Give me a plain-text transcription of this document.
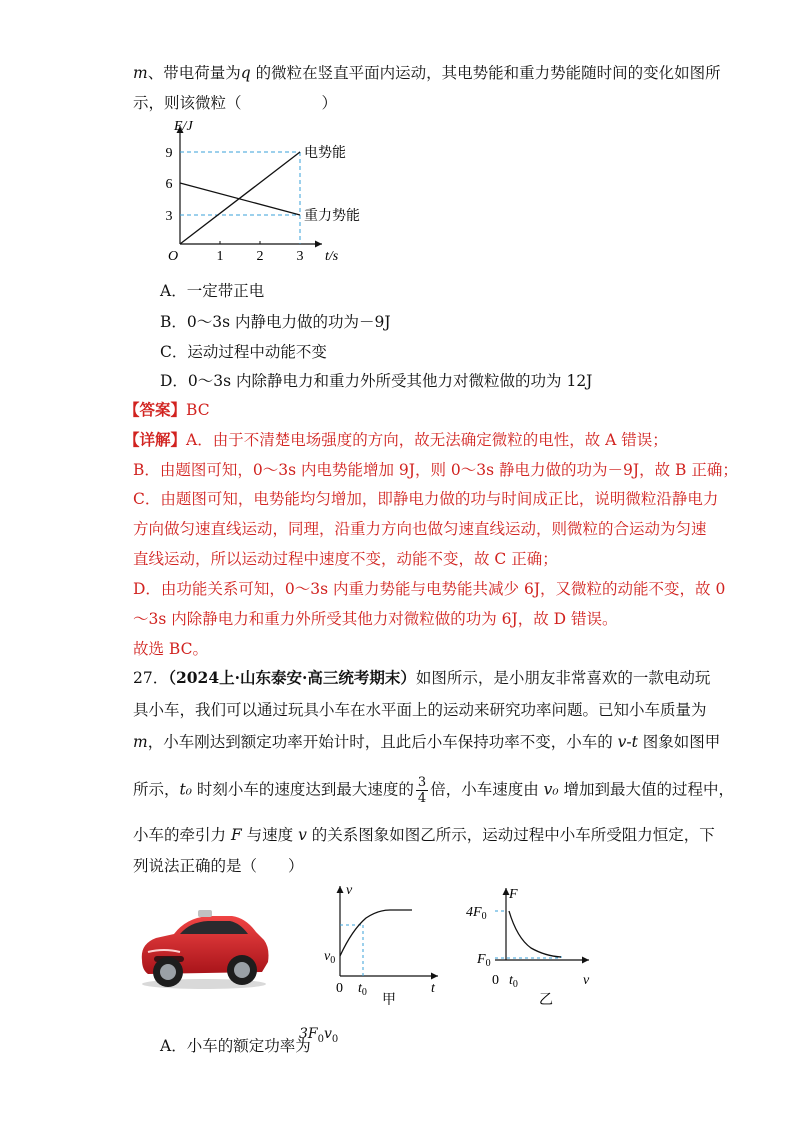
m、带电荷量为q 的微粒在竖直平面内运动，其电势能和重力势能随时间的变化如图所
示，则该微粒（	）
E/J
9
6
3
O	1 2 3 t/s
电势能
重力势能
A．一定带正电
B．0～3s 内静电力做的功为－9J
C．运动过程中动能不变
D．0～3s 内除静电力和重力外所受其他力对微粒做的功为 12J
【答案】BC
【详解】A．由于不清楚电场强度的方向，故无法确定微粒的电性，故 A 错误；
B．由题图可知，0～3s 内电势能增加 9J，则 0～3s 静电力做的功为－9J，故 B 正确；
C．由题图可知，电势能均匀增加，即静电力做的功与时间成正比，说明微粒沿静电力
方向做匀速直线运动，同理，沿重力方向也做匀速直线运动，则微粒的合运动为匀速
直线运动，所以运动过程中速度不变，动能不变，故 C 正确；
D．由功能关系可知，0～3s 内重力势能与电势能共减少 6J，又微粒的动能不变，故 0
～3s 内除静电力和重力外所受其他力对微粒做的功为 6J，故 D 错误。
故选 BC。
27．（2024上·山东泰安·高三统考期末）如图所示，是小朋友非常喜欢的一款电动玩
具小车，我们可以通过玩具小车在水平面上的运动来研究功率问题。已知小车质量为
m，小车刚达到额定功率开始计时，且此后小车保持功率不变，小车的 v-t 图象如图甲
所示，t₀ 时刻小车的速度达到最大速度的 $\frac{3}{4}$ 倍，小车速度由 v₀ 增加到最大值的过程中，
小车的牵引力 F 与速度 v 的关系图象如图乙所示，运动过程中小车所受阻力恒定，下
列说法正确的是（　　）
v
$v_0$
0 $t_0$	t
甲
F
$4F_0$
$F_0$
0 $t_0$	v
乙
A．小车的额定功率为
$3F_0v_0$
